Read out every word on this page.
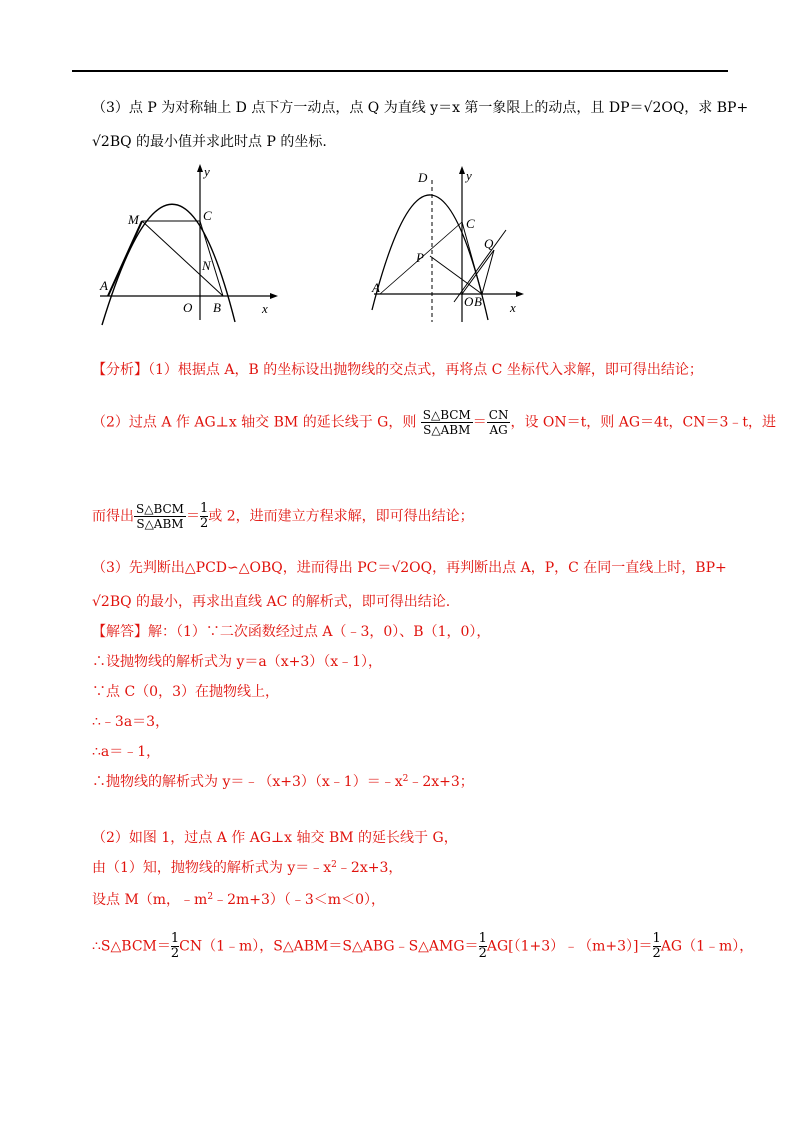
（3）点 P 为对称轴上 D 点下方一动点，点 Q 为直线 y＝x 第一象限上的动点，且 DP＝√2OQ，求 BP+
√2BQ 的最小值并求此时点 P 的坐标.
y
M	C
N
A
O B	x
D	y
C
Q
P
A
O B x
【分析】（1）根据点 A，B 的坐标设出抛物线的交点式，再将点 C 坐标代入求解，即可得出结论；
（2）过点 A 作 AG⊥x 轴交 BM 的延长线于 G，则 $\frac{\text{S△BCM}}{\text{S△ABM}} = \frac{CN}{AG}$ ，设 ON＝t，则 AG＝4t，CN＝3﹣t，进
而得出 $\frac{\text{S△BCM}}{\text{S△ABM}} = \frac{1}{2}$ 或 2，进而建立方程求解，即可得出结论；
（3）先判断出△PCD∽△OBQ，进而得出 PC＝√2OQ，再判断出点 A，P，C 在同一直线上时，BP+
√2BQ 的最小，再求出直线 AC 的解析式，即可得出结论.
【解答】解：（1）∵二次函数经过点 A（﹣3，0）、B（1，0），
∴设抛物线的解析式为 y＝a（x+3）（x﹣1），
∵点 C（0，3）在抛物线上，
∴﹣3a＝3，
∴a＝﹣1，
∴抛物线的解析式为 $y=﹣(x+3)(x﹣1)=﹣x^2﹣2x+3$；
（2）如图 1，过点 A 作 AG⊥x 轴交 BM 的延长线于 G，
由（1）知，抛物线的解析式为 $y=﹣x^2﹣2x+3$，
设点 M（m，$﹣m^2﹣2m+3)(﹣3<m<0)$，
∴S△BCM＝ $\frac{1}{2}$ CN（1﹣m），S△ABM＝S△ABG﹣S△AMG＝ $\frac{1}{2}$ AG[（1+3）﹣（m+3）]＝ $\frac{1}{2}$ AG（1﹣m），
